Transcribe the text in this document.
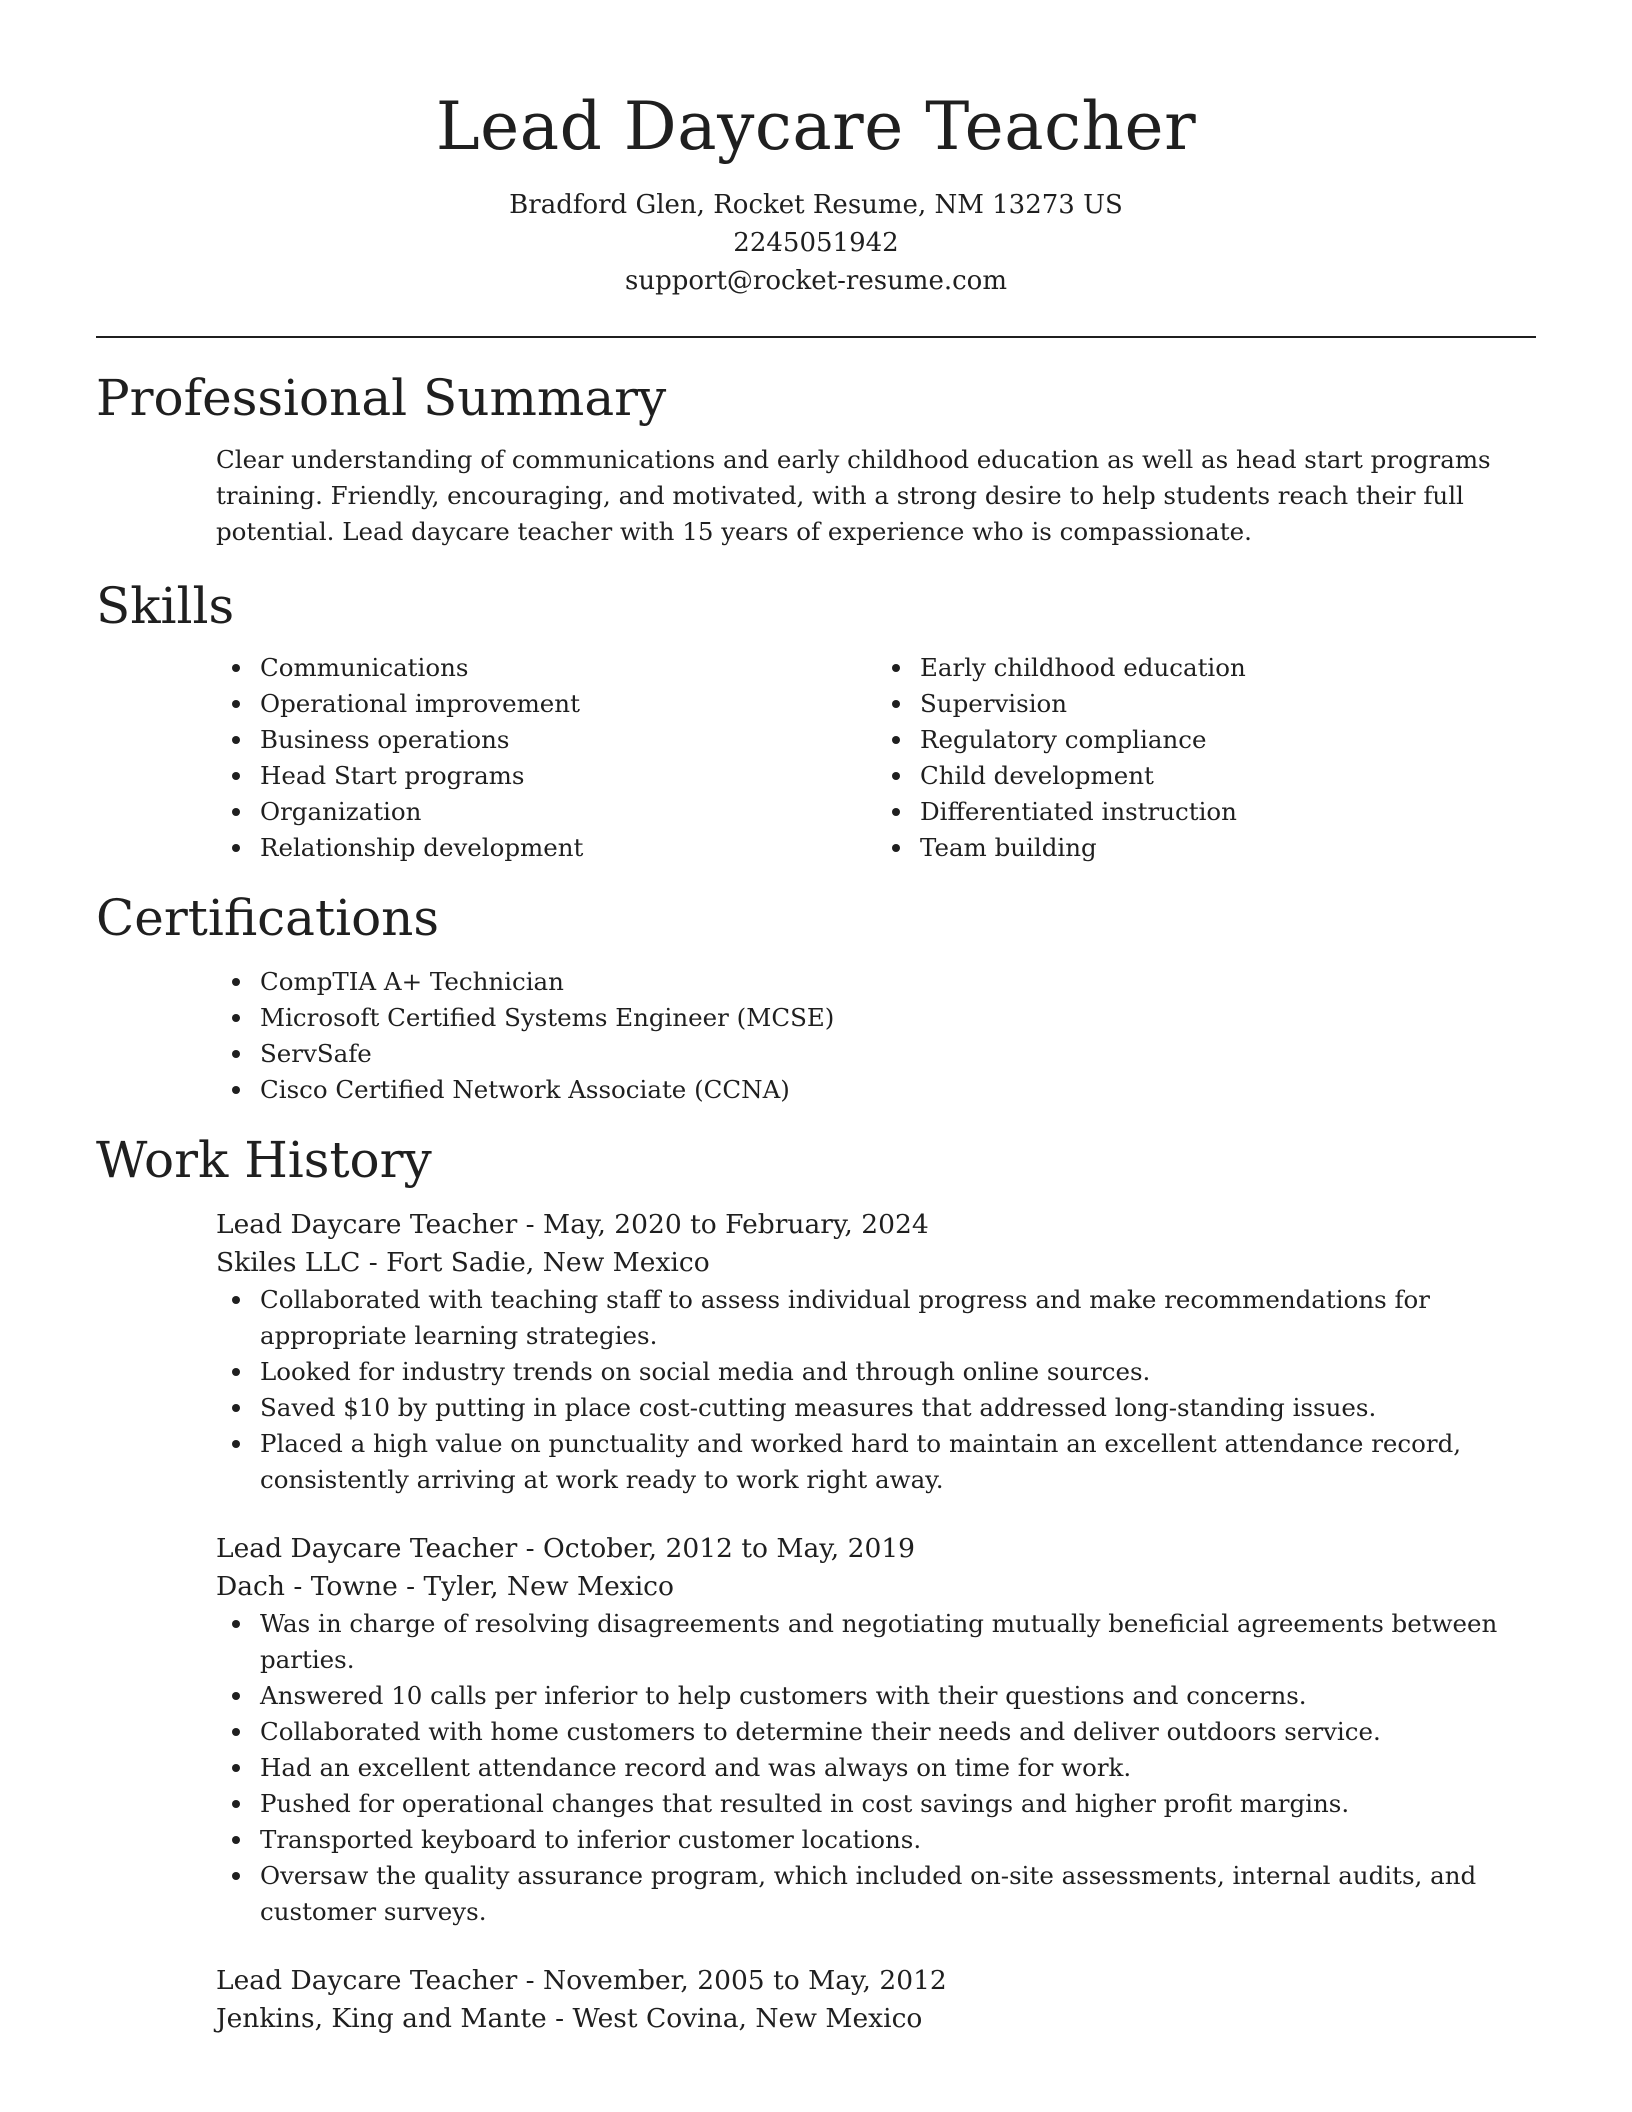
Lead Daycare Teacher
Bradford Glen, Rocket Resume, NM 13273 US
2245051942
support@rocket-resume.com
Professional Summary

Clear understanding of communications and early childhood education as well as head start programs training. Friendly, encouraging, and motivated, with a strong desire to help students reach their full potential. Lead daycare teacher with 15 years of experience who is compassionate.

Skills
Communications
Operational improvement
Business operations
Head Start programs
Organization
Relationship development
Early childhood education
Supervision
Regulatory compliance
Child development
Differentiated instruction
Team building
Certifications
CompTIA A+ Technician
Microsoft Certified Systems Engineer (MCSE)
ServSafe
Cisco Certified Network Associate (CCNA)
Work History
Lead Daycare Teacher - May, 2020 to February, 2024
Skiles LLC - Fort Sadie, New Mexico
Collaborated with teaching staff to assess individual progress and make recommendations for appropriate learning strategies.
Looked for industry trends on social media and through online sources.
Saved $10 by putting in place cost-cutting measures that addressed long-standing issues.
Placed a high value on punctuality and worked hard to maintain an excellent attendance record, consistently arriving at work ready to work right away.
Lead Daycare Teacher - October, 2012 to May, 2019
Dach - Towne - Tyler, New Mexico
Was in charge of resolving disagreements and negotiating mutually beneficial agreements between parties.
Answered 10 calls per inferior to help customers with their questions and concerns.
Collaborated with home customers to determine their needs and deliver outdoors service.
Had an excellent attendance record and was always on time for work.
Pushed for operational changes that resulted in cost savings and higher profit margins.
Transported keyboard to inferior customer locations.
Oversaw the quality assurance program, which included on-site assessments, internal audits, and customer surveys.
Lead Daycare Teacher - November, 2005 to May, 2012
Jenkins, King and Mante - West Covina, New Mexico
